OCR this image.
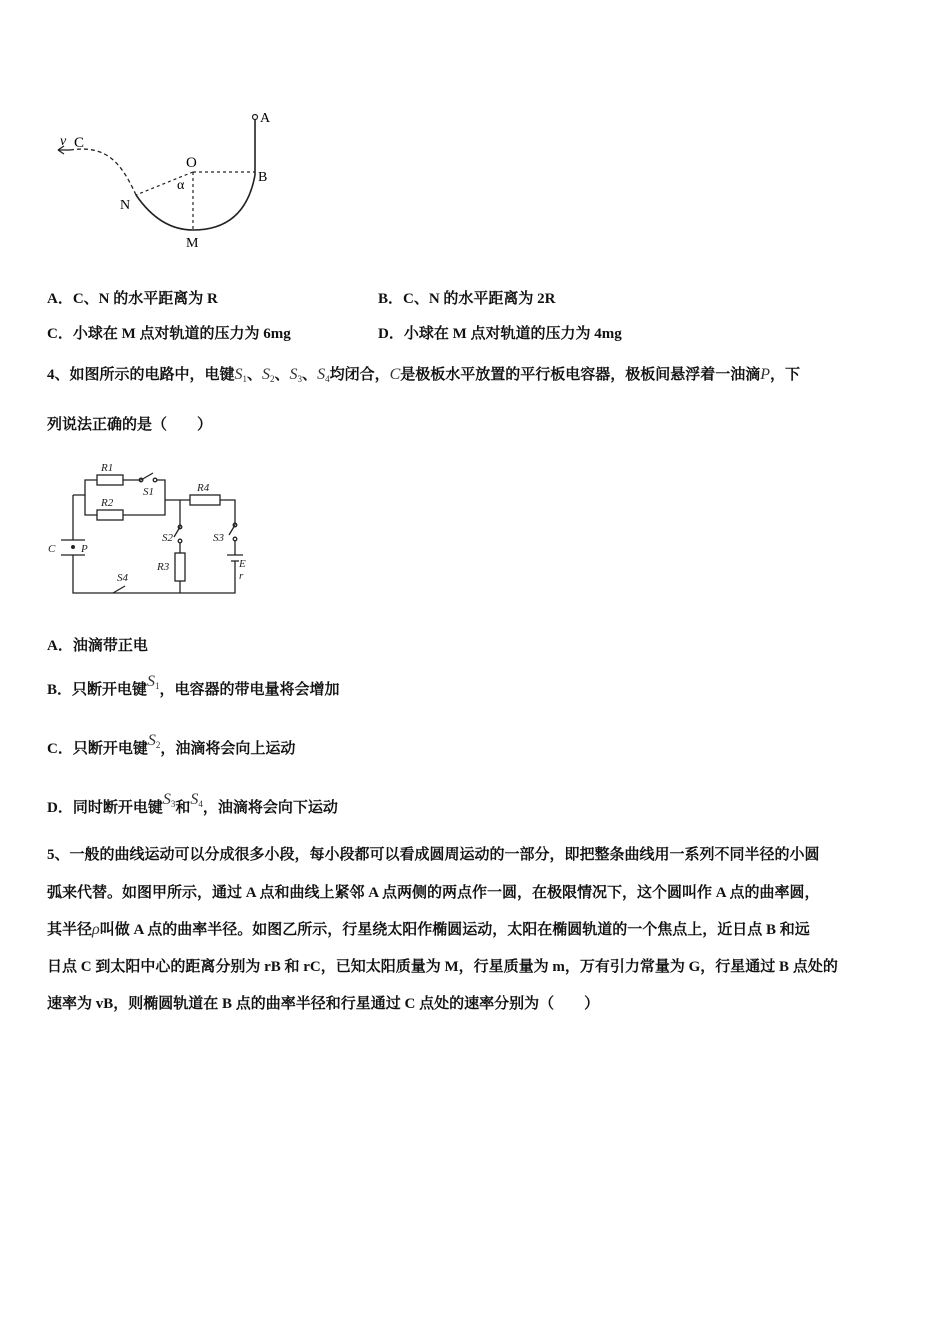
v C
A
O
B
N
M
α
A．C、N 的水平距离为 R	B．C、N 的水平距离为 2R
C．小球在 M 点对轨道的压力为 6mg	D．小球在 M 点对轨道的压力为 4mg
4、如图所示的电路中，电键$S_1$、$S_2$、$S_3$、$S_4$均闭合，C是极板水平放置的平行板电容器，极板间悬浮着一油滴P，下
列说法正确的是（　　）
R1
R2
S1	R4
S2	S3
R3	E
r
C P
S4
A．油滴带正电
B．只断开电键$S_1$，电容器的带电量将会增加
C．只断开电键$S_2$，油滴将会向上运动
D．同时断开电键$S_3$和$S_4$，油滴将会向下运动
5、一般的曲线运动可以分成很多小段，每小段都可以看成圆周运动的一部分，即把整条曲线用一系列不同半径的小圆
弧来代替。如图甲所示，通过 A 点和曲线上紧邻 A 点两侧的两点作一圆，在极限情况下，这个圆叫作 A 点的曲率圆，
其半径ρ叫做 A 点的曲率半径。如图乙所示，行星绕太阳作椭圆运动，太阳在椭圆轨道的一个焦点上，近日点 B 和远
日点 C 到太阳中心的距离分别为 rB 和 rC，已知太阳质量为 M，行星质量为 m，万有引力常量为 G，行星通过 B 点处的
速率为 vB，则椭圆轨道在 B 点的曲率半径和行星通过 C 点处的速率分别为（　　）
